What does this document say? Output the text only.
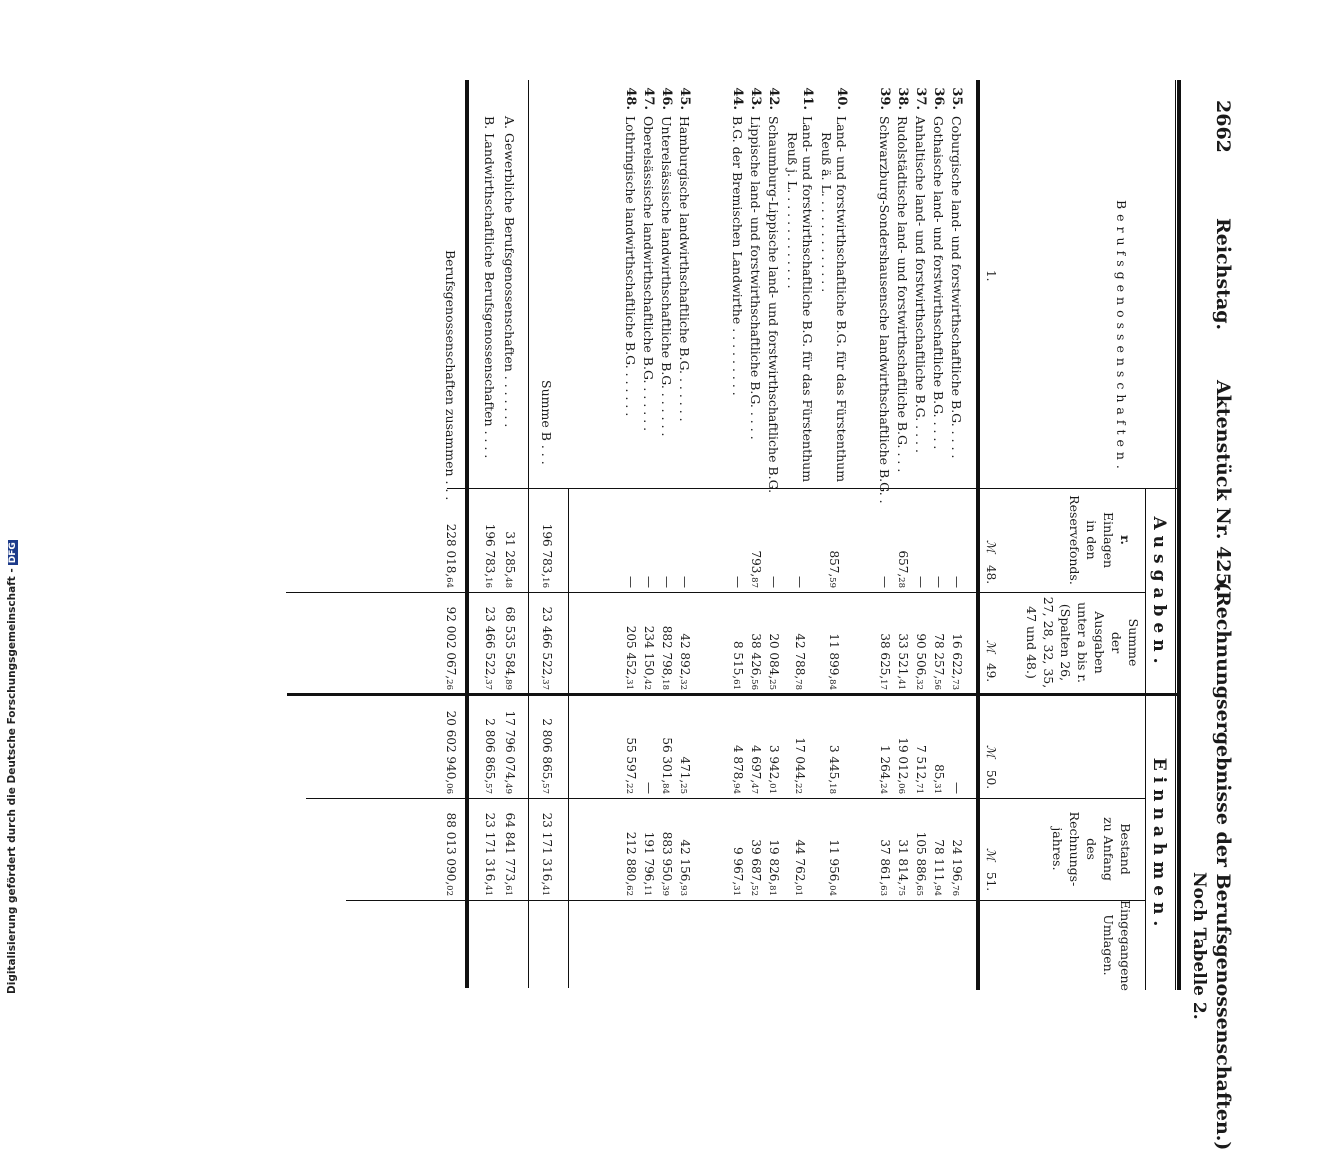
2662
Reichstag.
Aktenstück Nr. 425.
(Rechnungsergebnisse der Berufsgenossenschaften.)
Noch Tabelle 2.
Berufsgenossenschaften.
1.
Ausgaben.
Einnahmen.
r.
Einlagen
in den
Reservefonds.
Summe
der
Ausgaben
unter a bis r.
(Spalten 26,
27, 28, 32, 35,
47 und 48.)
Bestand
zu Anfang
des
Rechnungs-
jahres.
Eingegangene
Umlagen.
ℳ
48.
ℳ
49.
ℳ
50.
ℳ
51.
35.
Coburgische land- und forstwirthschaftliche B.G. . . . .
—
16 622,73
—
24 196,76
36.
Gothaische land- und forstwirthschaftliche B.G. . . . .
—
78 257,56
85,31
78 111,94
37.
Anhaltische land- und forstwirthschaftliche B.G. . . . .
—
90 506,32
7 512,71
105 886,65
38.
Rudolstädtische land- und forstwirthschaftliche B.G. . . .
657,28
33 521,41
19 012,06
31 814,75
39.
Schwarzburg-Sondershausensche landwirthschaftliche B.G. .
—
38 625,17
1 264,24
37 861,63
40.
Land- und forstwirthschaftliche B.G. für das Fürstenthum
Reuß ä. L. . . . . . . . . . . . .
857,59
11 899,84
3 445,18
11 956,04
41.
Land- und forstwirthschaftliche B.G. für das Fürstenthum
Reuß j. L. . . . . . . . . . . . .
—
42 788,78
17 044,22
44 762,01
42.
Schaumburg-Lippische land- und forstwirthschaftliche B.G.
—
20 084,25
3 942,01
19 826,81
43.
Lippische land- und forstwirthschaftliche B.G. . . . .
793,87
38 426,56
4 697,47
39 687,52
44.
B.G. der Bremischen Landwirthe . . . . . . . . .
—
8 515,61
4 878,94
9 967,31
45.
Hamburgische landwirthschaftliche B.G. . . . . . .
—
42 892,32
471,25
42 156,93
46.
Unterelsässische landwirthschaftliche B.G. . . . . . .
—
882 798,18
56 301,84
883 950,39
47.
Oberelsässische landwirthschaftliche B.G. . . . . . .
—
234 150,42
—
191 796,11
48.
Lothringische landwirthschaftliche B.G. . . . . . .
—
205 452,31
55 597,22
212 880,62
Summe B . . .
196 783,16
23 466 522,37
2 806 865,57
23 171 316,41
A. Gewerbliche Berufsgenossenschaften . . . . . . .
31 285,48
68 535 584,89
17 796 074,49
64 841 773,61
B. Landwirthschaftliche Berufsgenossenschaften . . . .
196 783,16
23 466 522,37
2 806 865,57
23 171 316,41
Berufsgenossenschaften zusammen . . .
228 018,64
92 002 067,26
20 602 940,06
88 013 090,02
Digitalisierung gefördert durch die Deutsche Forschungsgemeinschaft -DFG
